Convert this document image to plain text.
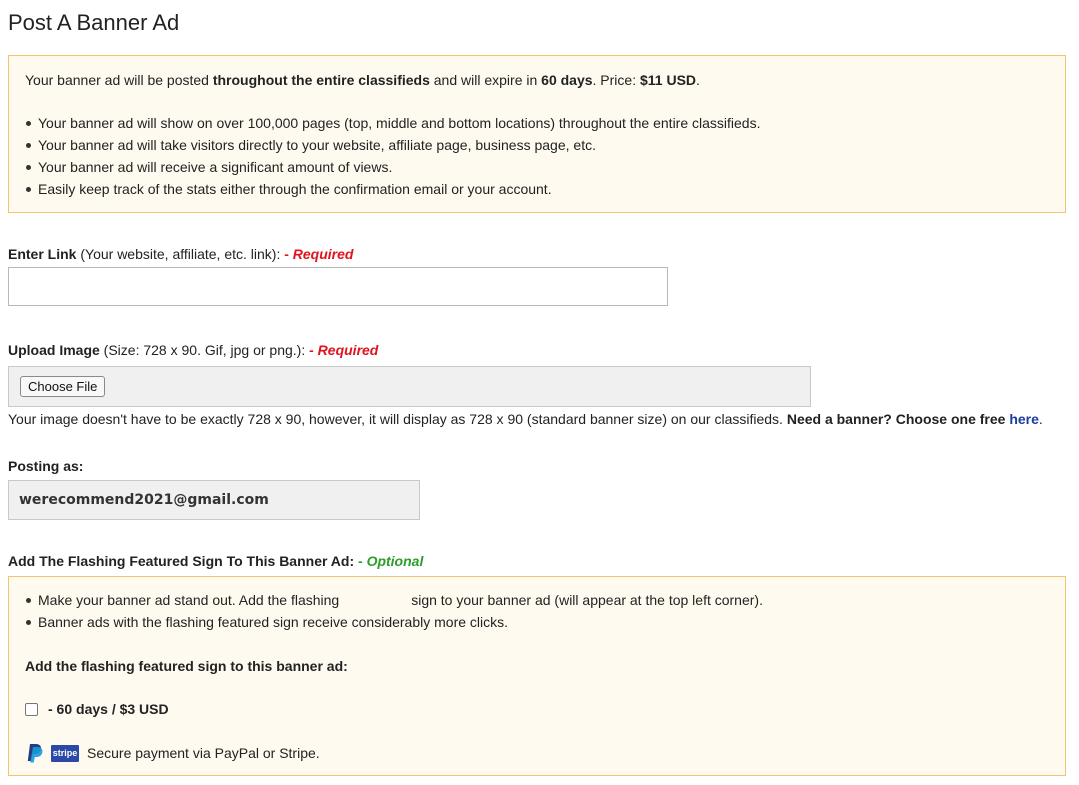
Post A Banner Ad
Your banner ad will be posted throughout the entire classifieds and will expire in 60 days. Price: $11 USD.
Your banner ad will show on over 100,000 pages (top, middle and bottom locations) throughout the entire classifieds.
Your banner ad will take visitors directly to your website, affiliate page, business page, etc.
Your banner ad will receive a significant amount of views.
Easily keep track of the stats either through the confirmation email or your account.
Enter Link (Your website, affiliate, etc. link): - Required
Upload Image (Size: 728 x 90. Gif, jpg or png.): - Required
Choose File
Your image doesn't have to be exactly 728 x 90, however, it will display as 728 x 90 (standard banner size) on our classifieds. Need a banner? Choose one free here.
Posting as:
werecommend2021@gmail.com
Add The Flashing Featured Sign To This Banner Ad: - Optional
Make your banner ad stand out. Add the flashing	sign to your banner ad (will appear at the top left corner).
Banner ads with the flashing featured sign receive considerably more clicks.
Add the flashing featured sign to this banner ad:
- 60 days / $3 USD
stripe Secure payment via PayPal or Stripe.
